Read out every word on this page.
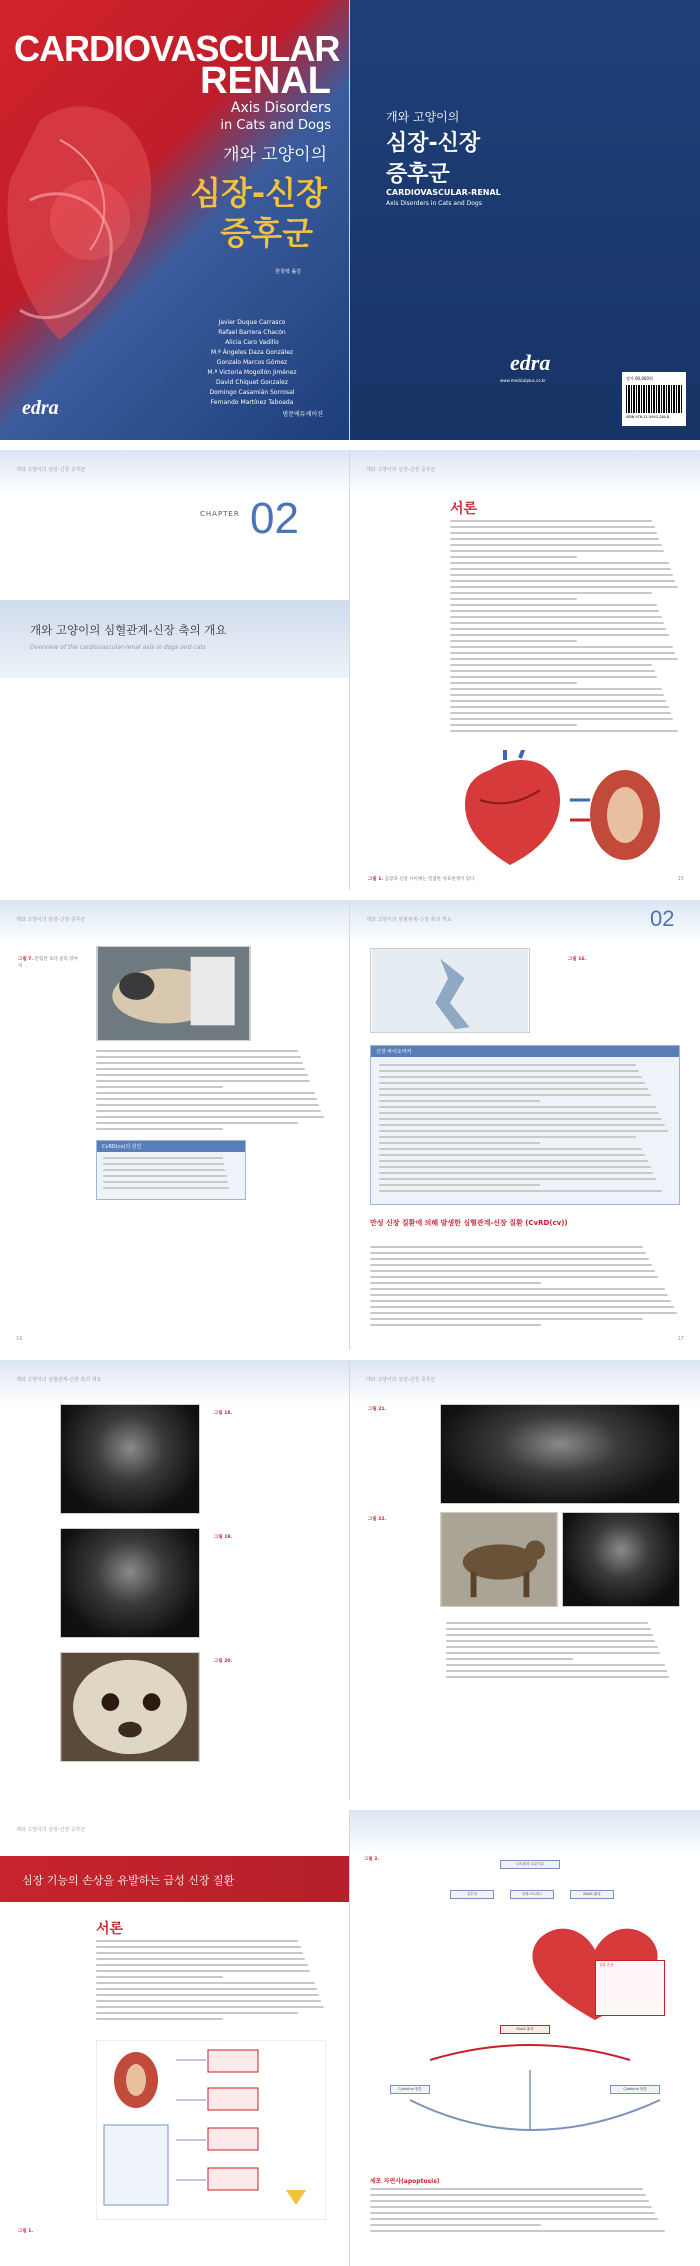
CARDIOVASCULAR
RENAL
Axis Disorders
in Cats and Dogs
개와 고양이의
심장-신장
증후군
한창택 옮김
Javier Duque Carrasco
Rafael Barrera Chacón
Alicia Caro Vadillo
M.ª Ángeles Daza González
Gonzalo Marcos Gómez
M.ª Victoria Mogollón Jiménez
David Chiquet Gonzalez
Domingo Casamián Sorrosal
Fernando Martínez Taboada
edra	범문에듀케이션
개와 고양이의
심장-신장
증후군
CARDIOVASCULAR-RENAL
Axis Disorders in Cats and Dogs
edra
www.medicalplus.co.kr	정가 00,000원
ISBN 978-11-5943-284-8
개와 고양이의 심장-신장 증후군
CHAPTER 02
개와 고양이의 심혈관계-신장 축의 개요
Overview of the cardiovascular-renal axis in dogs and cats
개와 고양이의 심장-신장 증후군
서론
그림 1. 심장과 신장 사이에는 밀접한 상호관계가 있다.	15
개와 고양이의 심장-신장 증후군
그림 7. 만형견 보더 콜리 강아지
CvRD(cv)의 원인
16
개와 고양이의 심혈관계-신장 축의 개요	02
그림 16.
신장 바이오마커
만성 신장 질환에 의해 발생한 심혈관계-신장 질환 (CvRD(cv))
17
개와 고양이의 심혈관계-신장 축의 개요
그림 18.
그림 19.
그림 20.
개와 고양이의 심장-신장 증후군
그림 21.
그림 22.
개와 고양이의 심장-신장 증후군
심장 기능의 손상을 유발하는 급성 신장 질환
서론
그림 1.
그림 2.
나트륨과 수분저류
심부전	산화스트레스	RAAS 활성
심장 손상
RAAS 활성
Cytokine 방출	Cytokine 방출
세포 자연사(apoptosis)
